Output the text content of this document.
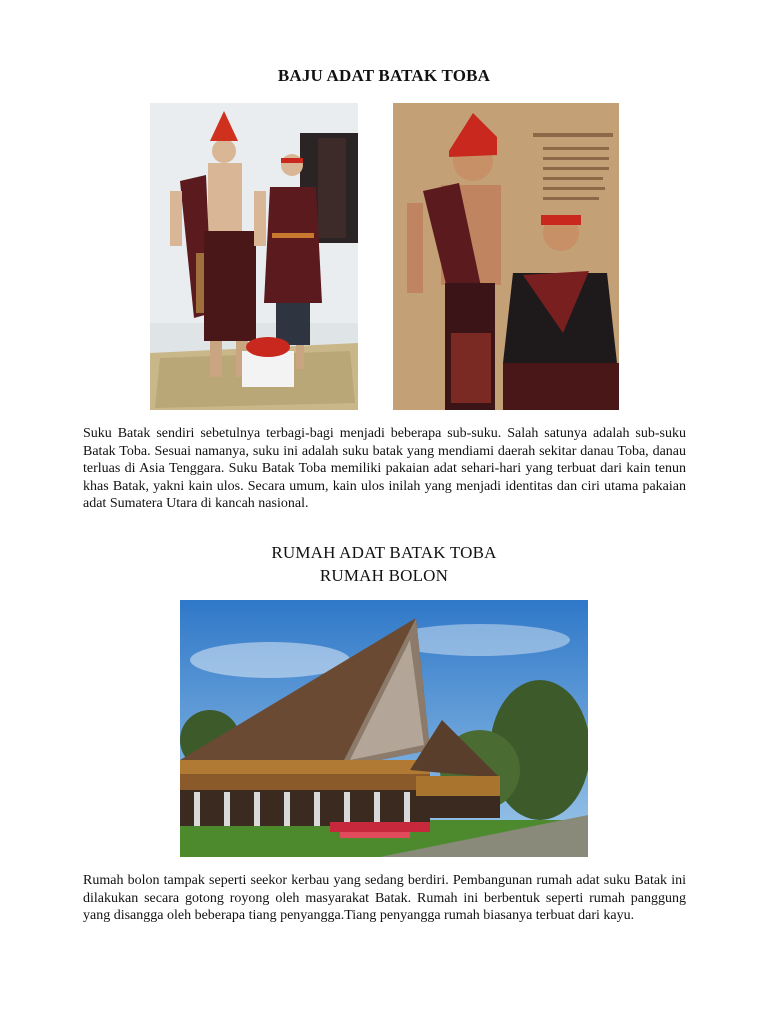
BAJU ADAT BATAK TOBA

Suku Batak sendiri sebetulnya terbagi-bagi menjadi beberapa sub-suku. Salah satunya adalah sub-suku Batak Toba. Sesuai namanya, suku ini adalah suku batak yang mendiami daerah sekitar danau Toba, danau terluas di Asia Tenggara. Suku Batak Toba memiliki pakaian adat sehari-hari yang terbuat dari kain tenun khas Batak, yakni kain ulos. Secara umum, kain ulos inilah yang menjadi identitas dan ciri utama pakaian adat Sumatera Utara di kancah nasional.

RUMAH ADAT BATAK TOBA
RUMAH BOLON

Rumah bolon tampak seperti seekor kerbau yang sedang berdiri. Pembangunan rumah adat suku Batak ini dilakukan secara gotong royong oleh masyarakat Batak. Rumah ini berbentuk seperti rumah panggung yang disangga oleh beberapa tiang penyangga.Tiang penyangga rumah biasanya terbuat dari kayu.
